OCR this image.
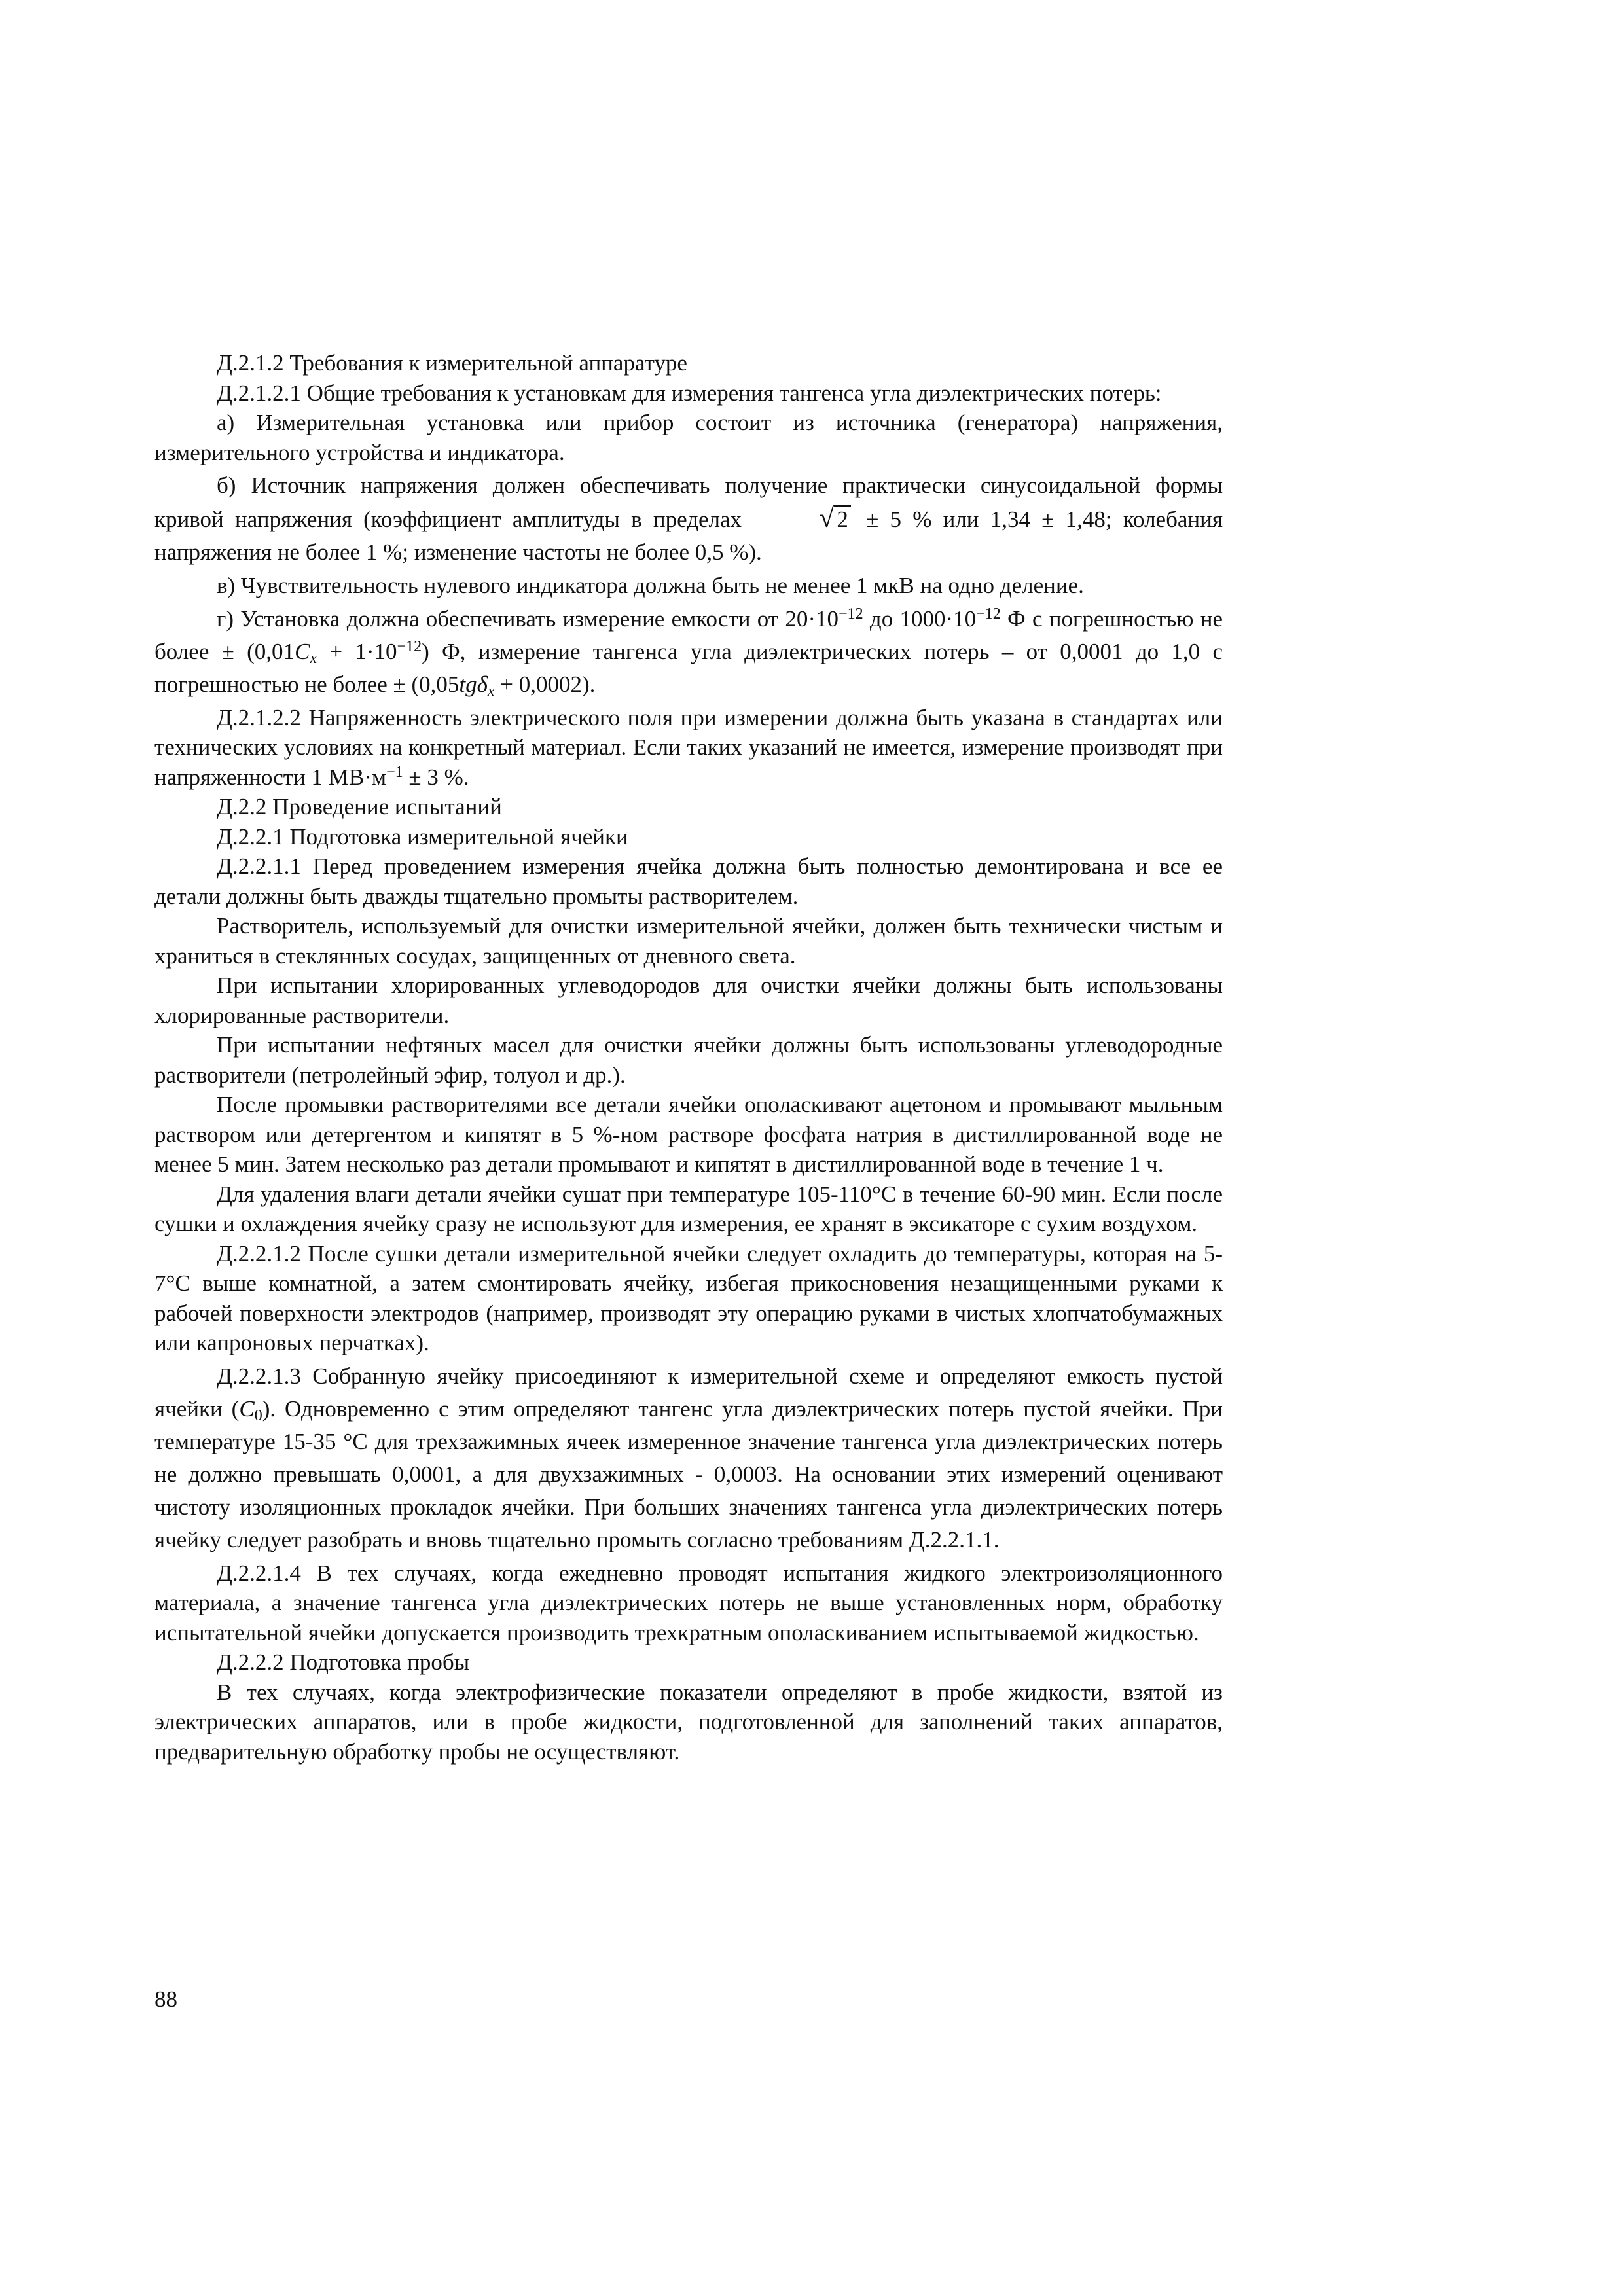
Д.2.1.2 Требования к измерительной аппаратуре

Д.2.1.2.1 Общие требования к установкам для измерения тангенса угла диэлектрических потерь:

а) Измерительная установка или прибор состоит из источника (генератора) напряжения, измерительного устройства и индикатора.

б) Источник напряжения должен обеспечивать получение практически синусоидальной формы кривой напряжения (коэффициент амплитуды в пределах	√ 2 ± 5 % или 1,34 ± 1,48; колебания напряжения не более 1 %; изменение частоты не более 0,5 %).

в) Чувствительность нулевого индикатора должна быть не менее 1 мкВ на одно деление.

г) Установка должна обеспечивать измерение емкости от $20\cdot 10^{-12}$ до $1000\cdot 10^{-12}$ Ф с погрешностью не более ± $(0,01C_x + 1\cdot 10^{-12})$ Ф, измерение тангенса угла диэлектрических потерь – от 0,0001 до 1,0 с погрешностью не более ± (0,05tgδ$_x$ + 0,0002).

Д.2.1.2.2 Напряженность электрического поля при измерении должна быть указана в стандартах или технических условиях на конкретный материал. Если таких указаний не имеется, измерение производят при напряженности 1 $МВ\cdot м^{-1} \pm 3$ %.

Д.2.2 Проведение испытаний

Д.2.2.1 Подготовка измерительной ячейки

Д.2.2.1.1 Перед проведением измерения ячейка должна быть полностью демонтирована и все ее детали должны быть дважды тщательно промыты растворителем.

Растворитель, используемый для очистки измерительной ячейки, должен быть технически чистым и храниться в стеклянных сосудах, защищенных от дневного света.

При испытании хлорированных углеводородов для очистки ячейки должны быть использованы хлорированные растворители.

При испытании нефтяных масел для очистки ячейки должны быть использованы углеводородные растворители (петролейный эфир, толуол и др.).

После промывки растворителями все детали ячейки ополаскивают ацетоном и промывают мыльным раствором или детергентом и кипятят в 5 %-ном растворе фосфата натрия в дистиллированной воде не менее 5 мин. Затем несколько раз детали промывают и кипятят в дистиллированной воде в течение 1 ч.

Для удаления влаги детали ячейки сушат при температуре 105-110°С в течение 60-90 мин. Если после сушки и охлаждения ячейку сразу не используют для измерения, ее хранят в эксикаторе с сухим воздухом.

Д.2.2.1.2 После сушки детали измерительной ячейки следует охладить до температуры, которая на 5-7°С выше комнатной, а затем смонтировать ячейку, избегая прикосновения незащищенными руками к рабочей поверхности электродов (например, производят эту операцию руками в чистых хлопчатобумажных или капроновых перчатках).

Д.2.2.1.3 Собранную ячейку присоединяют к измерительной схеме и определяют емкость пустой ячейки $(C_0)$. Одновременно с этим определяют тангенс угла диэлектрических потерь пустой ячейки. При температуре 15-35 °С для трехзажимных ячеек измеренное значение тангенса угла диэлектрических потерь не должно превышать 0,0001, а для двухзажимных - 0,0003. На основании этих измерений оценивают чистоту изоляционных прокладок ячейки. При больших значениях тангенса угла диэлектрических потерь ячейку следует разобрать и вновь тщательно промыть согласно требованиям Д.2.2.1.1.

Д.2.2.1.4 В тех случаях, когда ежедневно проводят испытания жидкого электроизоляционного материала, а значение тангенса угла диэлектрических потерь не выше установленных норм, обработку испытательной ячейки допускается производить трехкратным ополаскиванием испытываемой жидкостью.

Д.2.2.2 Подготовка пробы

В тех случаях, когда электрофизические показатели определяют в пробе жидкости, взятой из электрических аппаратов, или в пробе жидкости, подготовленной для заполнений таких аппаратов, предварительную обработку пробы не осуществляют.

88
